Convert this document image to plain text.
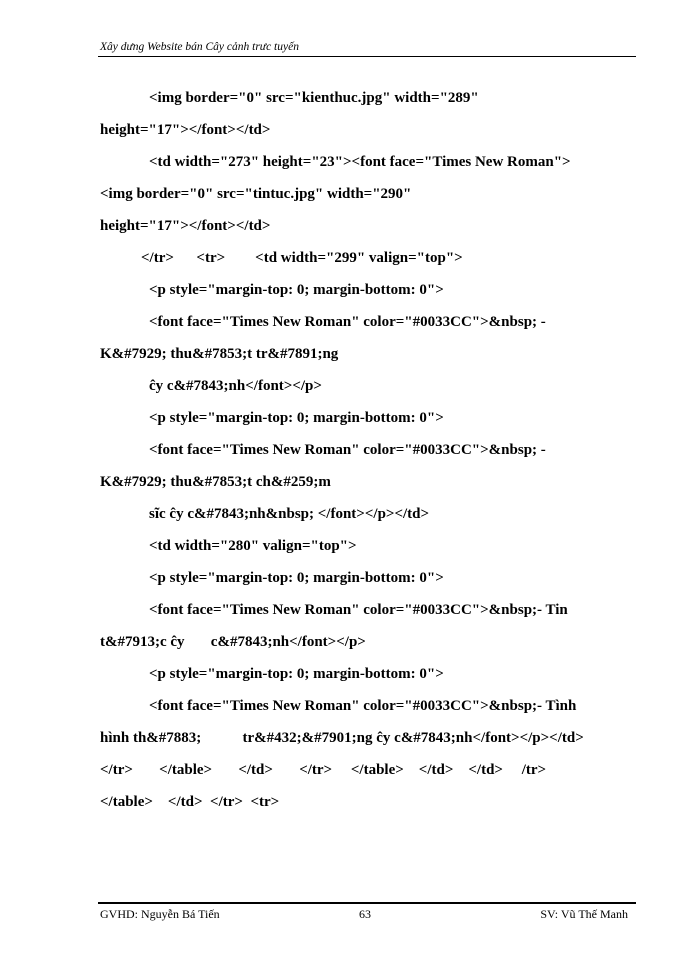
Xây dưng Website bán Cây cảnh trưc tuyến
<img border="0" src="kienthuc.jpg" width="289"
height="17"></font></td>
<td width="273" height="23"><font face="Times New Roman">
<img border="0" src="tintuc.jpg" width="290"
height="17"></font></td>
</tr>      <tr>        <td width="299" valign="top">
<p style="margin-top: 0; margin-bottom: 0">
<font face="Times New Roman" color="#0033CC">&nbsp; -
K&#7929; thu&#7853;t tr&#7891;ng
ĉy c&#7843;nh</font></p>
<p style="margin-top: 0; margin-bottom: 0">
<font face="Times New Roman" color="#0033CC">&nbsp; -
K&#7929; thu&#7853;t ch&#259;m
sĩc ĉy c&#7843;nh&nbsp; </font></p></td>
<td width="280" valign="top">
<p style="margin-top: 0; margin-bottom: 0">
<font face="Times New Roman" color="#0033CC">&nbsp;- Tin
t&#7913;c ĉy       c&#7843;nh</font></p>
<p style="margin-top: 0; margin-bottom: 0">
<font face="Times New Roman" color="#0033CC">&nbsp;- Tình
hình th&#7883;           tr&#432;&#7901;ng ĉy c&#7843;nh</font></p></td>
</tr>       </table>       </td>       </tr>     </table>    </td>    </td>     /tr>
</table>    </td>  </tr>  <tr>
GVHD: Nguyễn Bá Tiến	63	SV: Vũ Thế Manh
